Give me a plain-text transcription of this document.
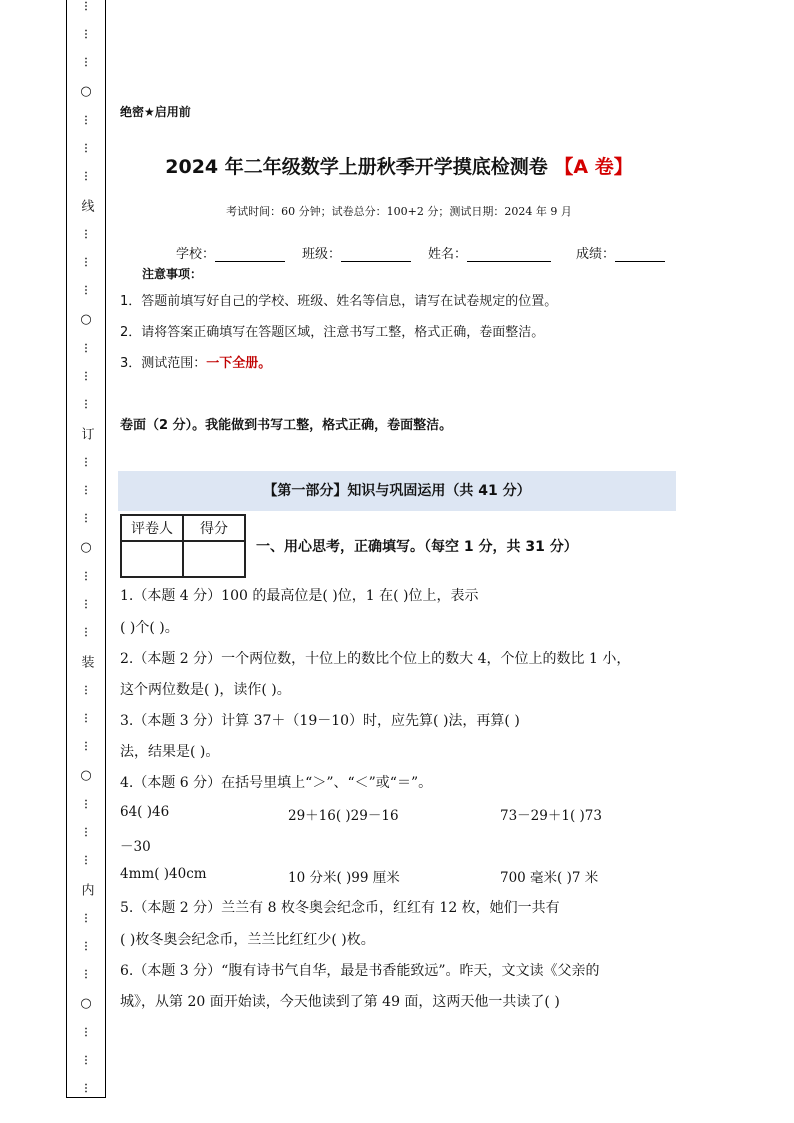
⋮
⋮
⋮
○
⋮
⋮
⋮
线
⋮
⋮
⋮
○
⋮
⋮
⋮
订
⋮
⋮
⋮
○
⋮
⋮
⋮
装
⋮
⋮
⋮
○
⋮
⋮
⋮
内
⋮
⋮
⋮
○
⋮
⋮
⋮
绝密★启用前
2024 年二年级数学上册秋季开学摸底检测卷 【A 卷】
考试时间：60 分钟；试卷总分：100+2 分；测试日期：2024 年 9 月
学校：	班级：	姓名：	成绩：
注意事项：
1．答题前填写好自己的学校、班级、姓名等信息，请写在试卷规定的位置。
2．请将答案正确填写在答题区域，注意书写工整，格式正确，卷面整洁。
3．测试范围：一下全册。
卷面（2 分）。我能做到书写工整，格式正确，卷面整洁。
【第一部分】知识与巩固运用（共 41 分）
评卷人	得分

一、用心思考，正确填写。（每空 1 分，共 31 分）
1.（本题 4 分）100 的最高位是( )位，1 在( )位上，表示
( )个( )。
2.（本题 2 分）一个两位数，十位上的数比个位上的数大 4，个位上的数比 1 小，
这个两位数是( )，读作( )。
3.（本题 3 分）计算 37＋（19－10）时，应先算( )法，再算( )
法，结果是( )。
4.（本题 6 分）在括号里填上“＞”、“＜”或“＝”。
64( )46	29＋16( )29－16	73－29＋1( )73
－30
4mm( )40cm	10 分米( )99 厘米	700 毫米( )7 米
5.（本题 2 分）兰兰有 8 枚冬奥会纪念币，红红有 12 枚，她们一共有
( )枚冬奥会纪念币，兰兰比红红少( )枚。
6.（本题 3 分）“腹有诗书气自华，最是书香能致远”。昨天，文文读《父亲的
城》，从第 20 面开始读，今天他读到了第 49 面，这两天他一共读了( )
